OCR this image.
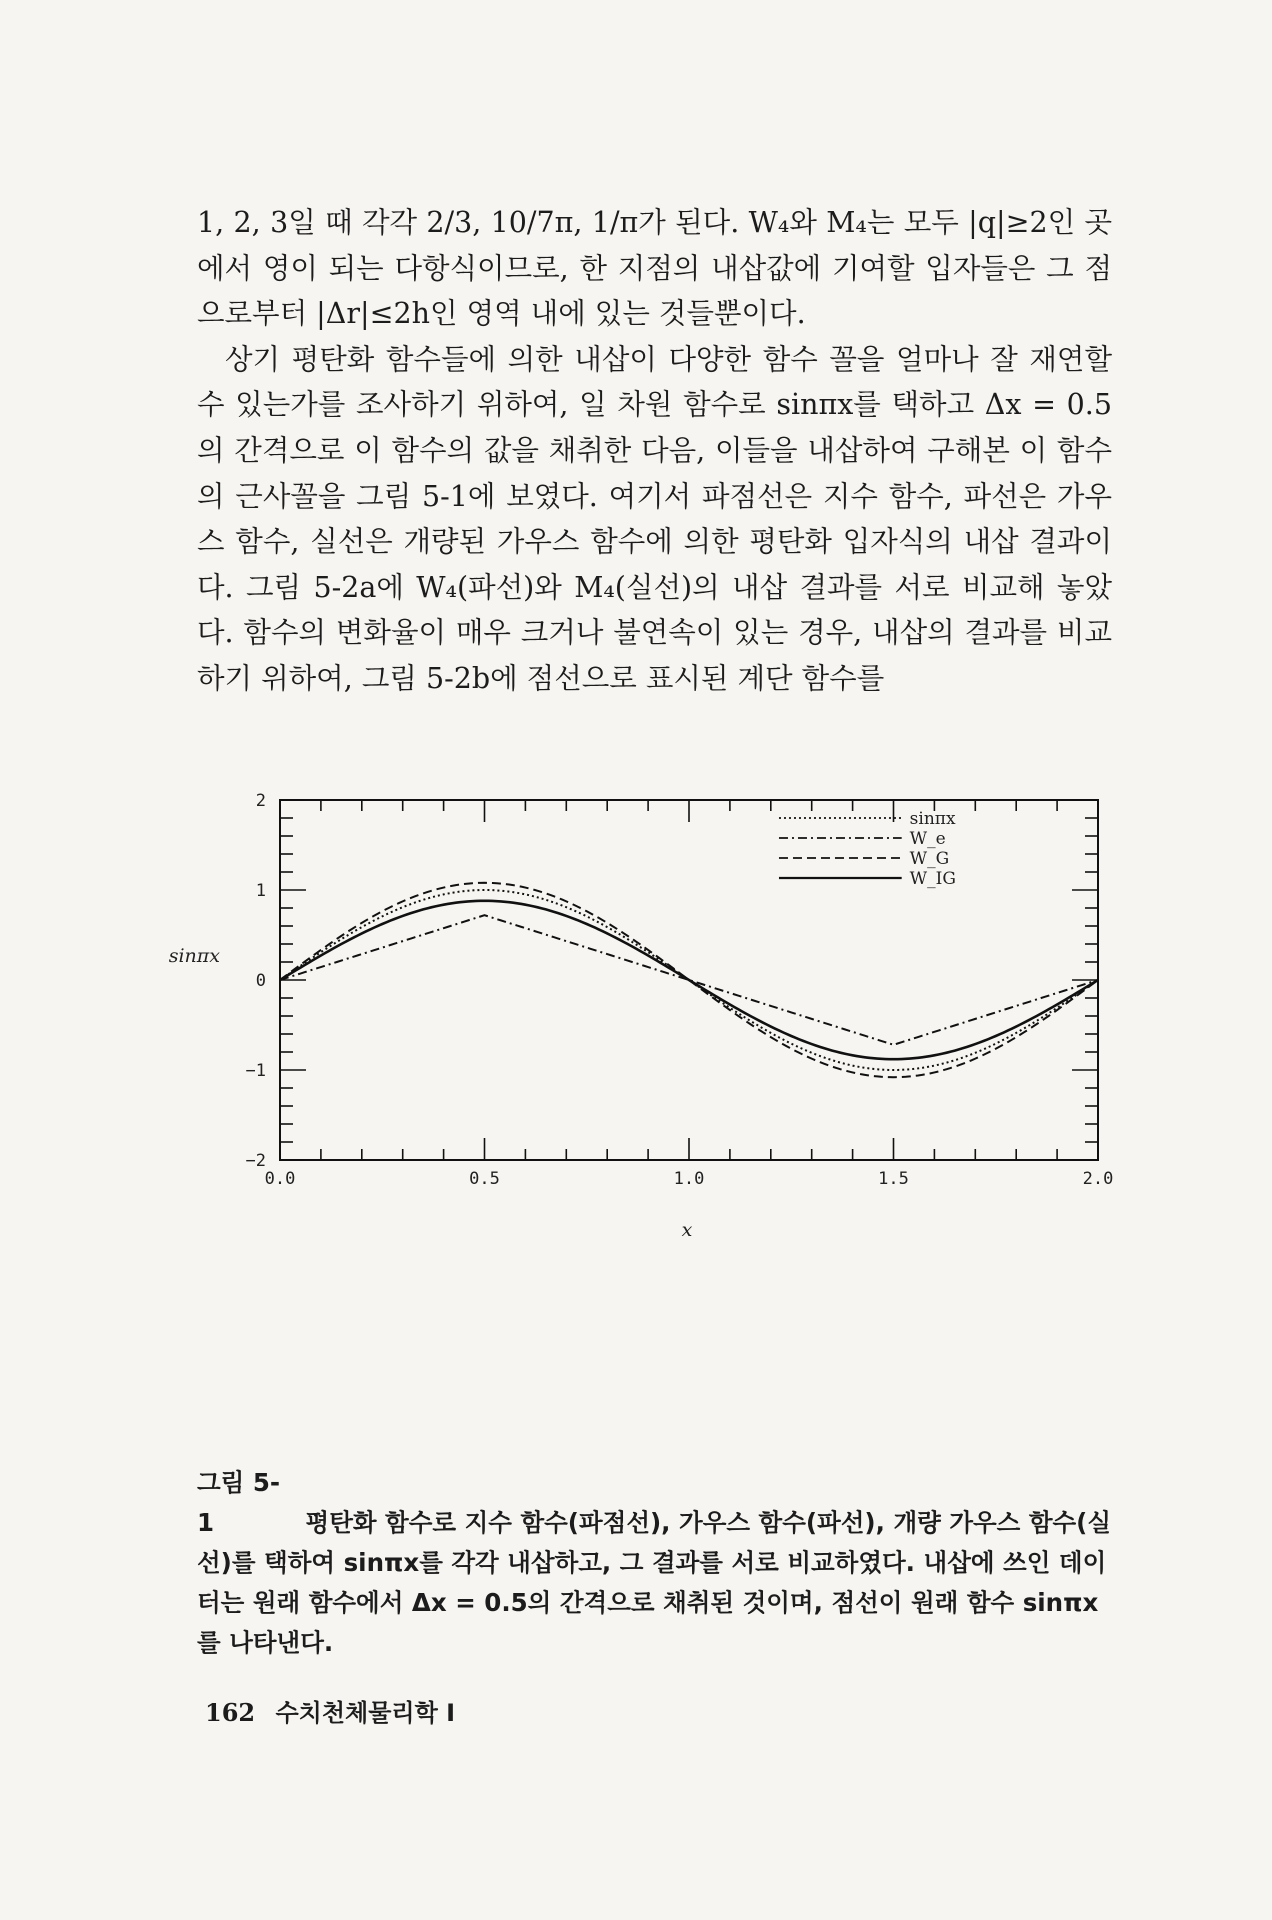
1, 2, 3일 때 각각 2/3, 10/7π, 1/π가 된다. W₄와 M₄는 모두 |q|≥2인 곳에서 영이 되는 다항식이므로, 한 지점의 내삽값에 기여할 입자들은 그 점으로부터 |Δr|≤2h인 영역 내에 있는 것들뿐이다.

상기 평탄화 함수들에 의한 내삽이 다양한 함수 꼴을 얼마나 잘 재연할 수 있는가를 조사하기 위하여, 일 차원 함수로 sinπx를 택하고 Δx = 0.5의 간격으로 이 함수의 값을 채취한 다음, 이들을 내삽하여 구해본 이 함수의 근사꼴을 그림 5-1에 보였다. 여기서 파점선은 지수 함수, 파선은 가우스 함수, 실선은 개량된 가우스 함수에 의한 평탄화 입자식의 내삽 결과이다. 그림 5-2a에 W₄(파선)와 M₄(실선)의 내삽 결과를 서로 비교해 놓았다. 함수의 변화율이 매우 크거나 불연속이 있는 경우, 내삽의 결과를 비교하기 위하여, 그림 5-2b에 점선으로 표시된 계단 함수를

0.0	0.5	1.0	1.5	2.0
2
1
0
−1
−2
x
sinπx
sinπx
W_e
W_G
W_IG
그림 5-1	평탄화 함수로 지수 함수(파점선), 가우스 함수(파선), 개량 가우스 함수(실선)를 택하여 sinπx를 각각 내삽하고, 그 결과를 서로 비교하였다. 내삽에 쓰인 데이터는 원래 함수에서 Δx = 0.5의 간격으로 채취된 것이며, 점선이 원래 함수 sinπx를 나타낸다.
162 수치천체물리학 Ⅰ
